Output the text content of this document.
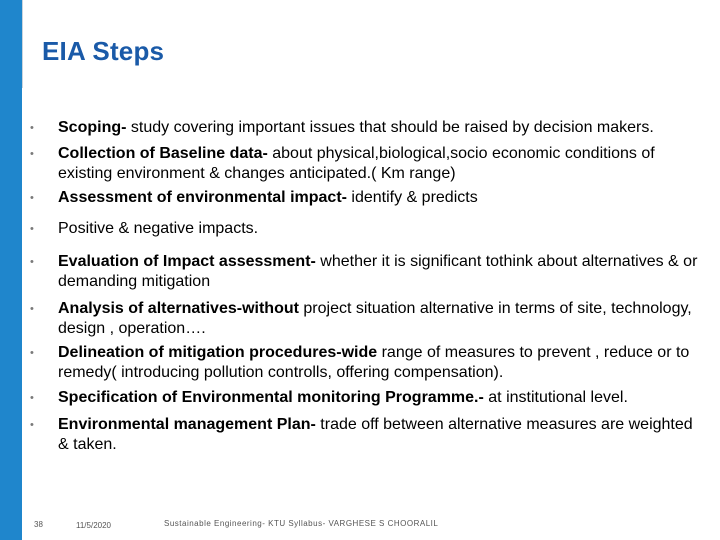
EIA Steps
• Scoping- study covering important issues that should be raised by decision makers.
• Collection of Baseline data- about physical,biological,socio economic conditions of existing environment & changes anticipated.( Km range)
• Assessment of environmental impact- identify & predicts
• Positive & negative impacts.
• Evaluation of Impact assessment- whether it is significant tothink about alternatives & or demanding mitigation
• Analysis of alternatives-without project situation alternative in terms of site, technology, design , operation….
• Delineation of mitigation procedures-wide range of measures to prevent , reduce or to remedy( introducing pollution controlls, offering compensation).
• Specification of Environmental monitoring Programme.- at institutional level.
• Environmental management Plan- trade off between alternative measures are weighted & taken.
38	11/5/2020	Sustainable Engineering- KTU Syllabus- VARGHESE S CHOORALIL
